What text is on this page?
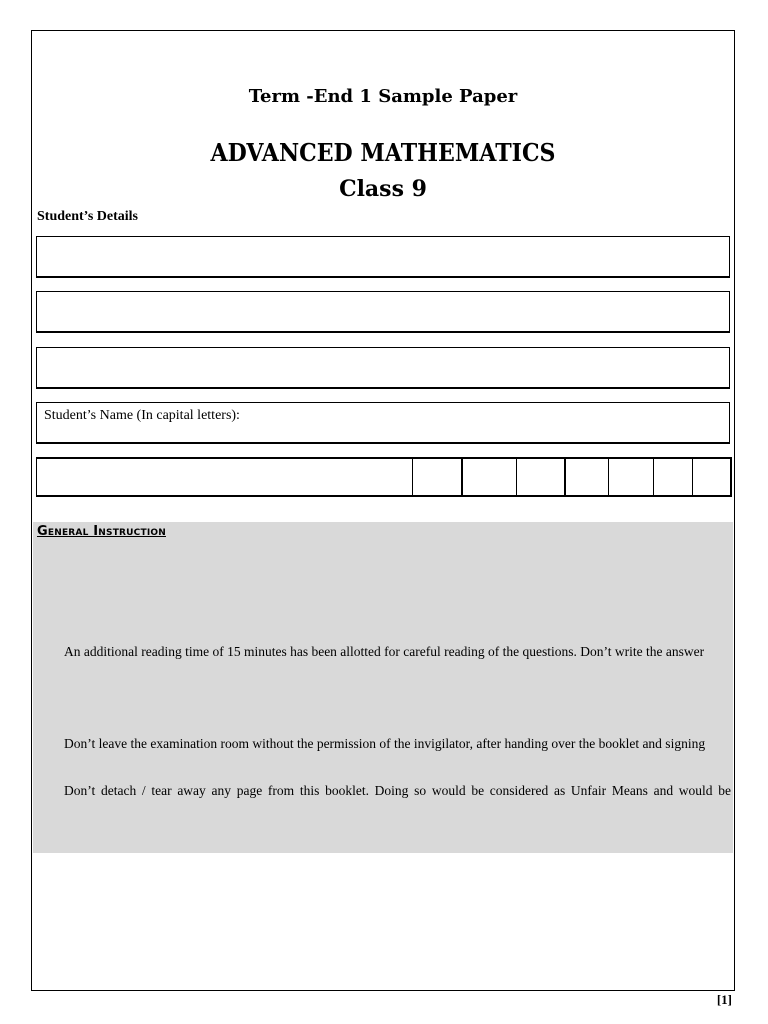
Term -End 1 Sample Paper
ADVANCED MATHEMATICS
Class 9
Student’s Details
Student’s Name (In capital letters):
General Instruction
An additional reading time of 15 minutes has been allotted for careful reading of the questions. Don’t write the answer
Don’t leave the examination room without the permission of the invigilator, after handing over the booklet and signing
Don’t detach / tear away any page from this booklet. Doing so would be considered as Unfair Means and would be
[1]
